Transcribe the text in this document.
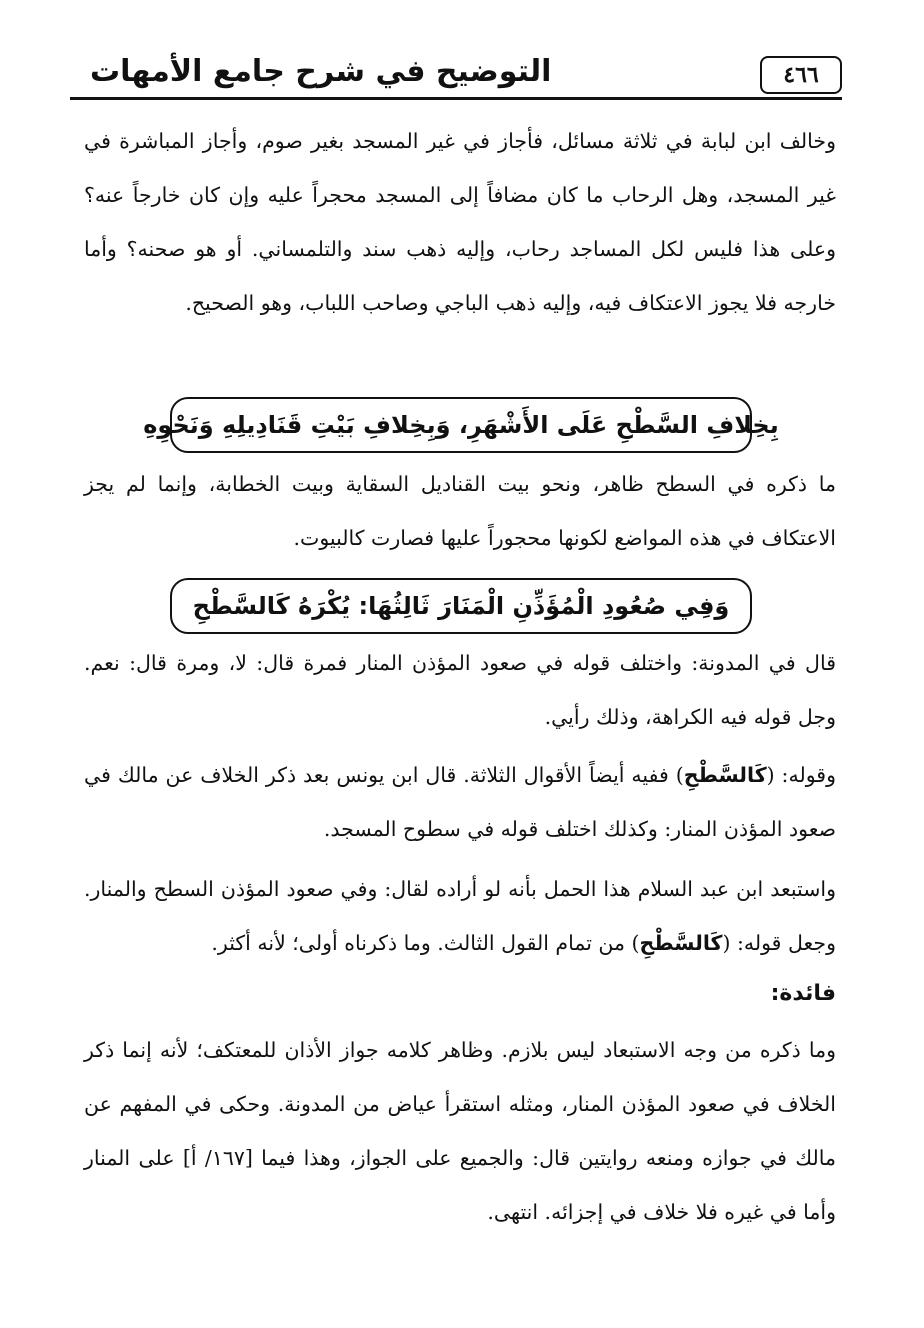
٤٦٦
التوضيح في شرح جامع الأمهات

وخالف ابن لبابة في ثلاثة مسائل، فأجاز في غير المسجد بغير صوم، وأجاز المباشرة في غير المسجد، وهل الرحاب ما كان مضافاً إلى المسجد محجراً عليه وإن كان خارجاً عنه؟ وعلى هذا فليس لكل المساجد رحاب، وإليه ذهب سند والتلمساني. أو هو صحنه؟ وأما خارجه فلا يجوز الاعتكاف فيه، وإليه ذهب الباجي وصاحب اللباب، وهو الصحيح.

بِخِلافِ السَّطْحِ عَلَى الأَشْهَرِ، وَبِخِلافِ بَيْتِ قَنَادِيلِهِ وَنَحْوِهِ

ما ذكره في السطح ظاهر، ونحو بيت القناديل السقاية وبيت الخطابة، وإنما لم يجز الاعتكاف في هذه المواضع لكونها محجوراً عليها فصارت كالبيوت.

وَفِي صُعُودِ الْمُؤَذِّنِ الْمَنَارَ ثَالِثُهَا: يُكْرَهُ كَالسَّطْحِ

قال في المدونة: واختلف قوله في صعود المؤذن المنار فمرة قال: لا، ومرة قال: نعم. وجل قوله فيه الكراهة، وذلك رأيي.

وقوله: (كَالسَّطْحِ) ففيه أيضاً الأقوال الثلاثة. قال ابن يونس بعد ذكر الخلاف عن مالك في صعود المؤذن المنار: وكذلك اختلف قوله في سطوح المسجد.

واستبعد ابن عبد السلام هذا الحمل بأنه لو أراده لقال: وفي صعود المؤذن السطح والمنار. وجعل قوله: (كَالسَّطْحِ) من تمام القول الثالث. وما ذكرناه أولى؛ لأنه أكثر.

فائدة:

وما ذكره من وجه الاستبعاد ليس بلازم. وظاهر كلامه جواز الأذان للمعتكف؛ لأنه إنما ذكر الخلاف في صعود المؤذن المنار، ومثله استقرأ عياض من المدونة. وحكى في المفهم عن مالك في جوازه ومنعه روايتين قال: والجميع على الجواز، وهذا فيما [١٦٧/ أ] على المنار وأما في غيره فلا خلاف في إجزائه. انتهى.
